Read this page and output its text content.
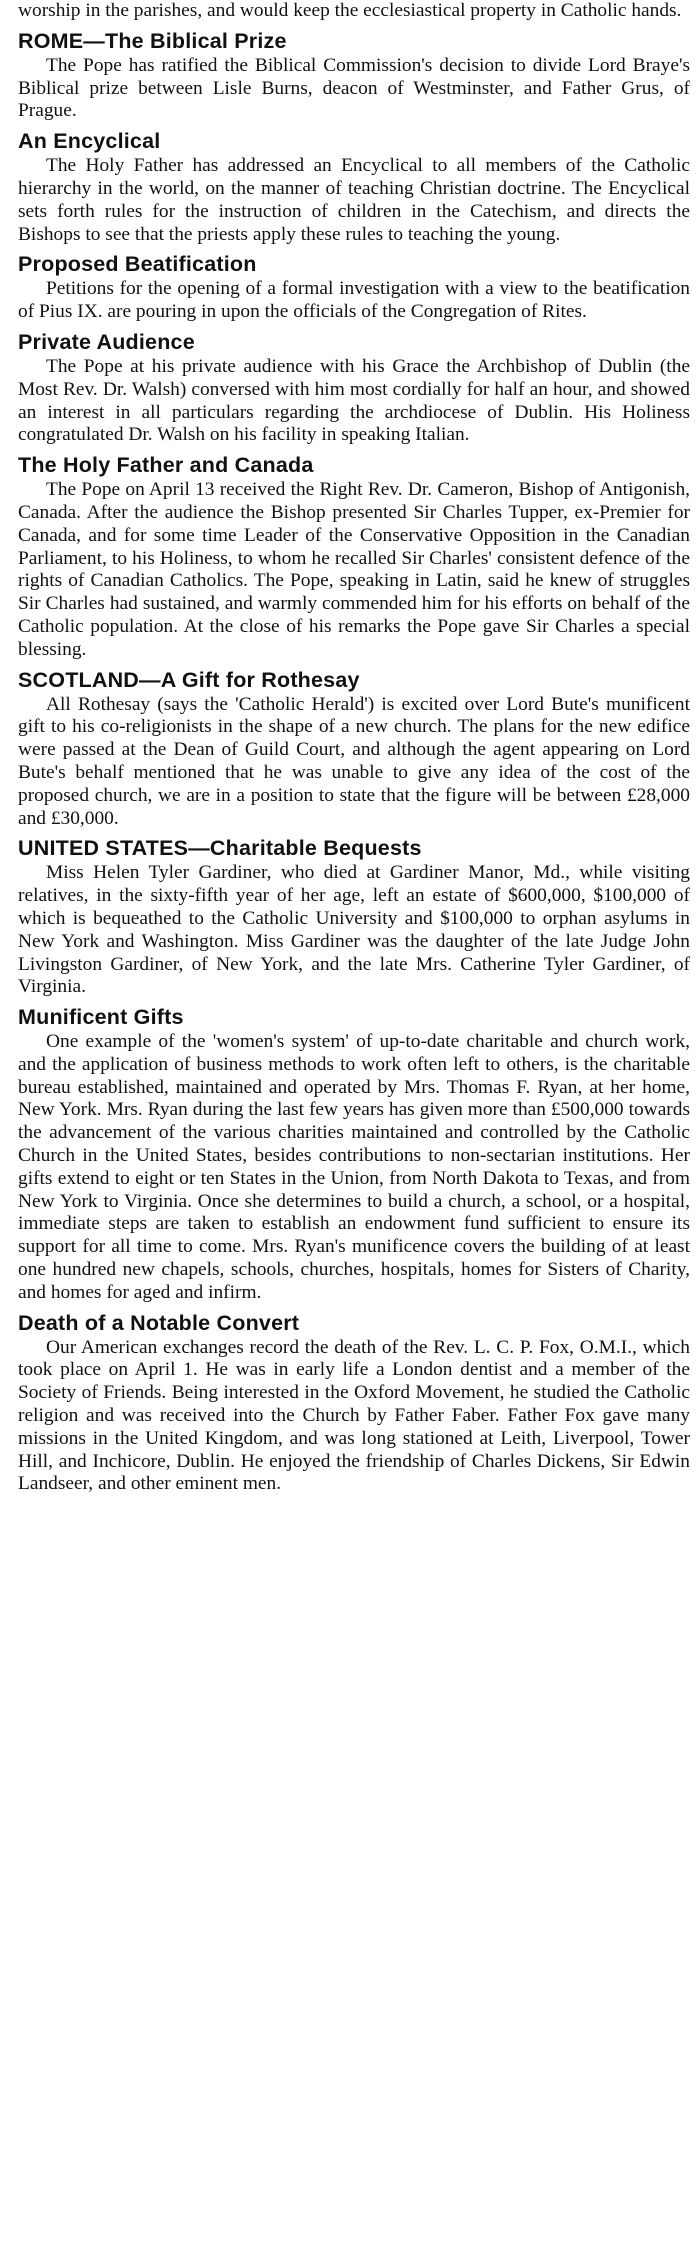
worship in the parishes, and would keep the ecclesiastical property in Catholic hands.

ROME—The Biblical Prize

The Pope has ratified the Biblical Commission's decision to divide Lord Braye's Biblical prize between Lisle Burns, deacon of Westminster, and Father Grus, of Prague.

An Encyclical

The Holy Father has addressed an Encyclical to all members of the Catholic hierarchy in the world, on the manner of teaching Christian doctrine. The Encyclical sets forth rules for the instruction of children in the Catechism, and directs the Bishops to see that the priests apply these rules to teaching the young.

Proposed Beatification

Petitions for the opening of a formal investigation with a view to the beatification of Pius IX. are pouring in upon the officials of the Congregation of Rites.

Private Audience

The Pope at his private audience with his Grace the Archbishop of Dublin (the Most Rev. Dr. Walsh) conversed with him most cordially for half an hour, and showed an interest in all particulars regarding the archdiocese of Dublin. His Holiness congratulated Dr. Walsh on his facility in speaking Italian.

The Holy Father and Canada

The Pope on April 13 received the Right Rev. Dr. Cameron, Bishop of Antigonish, Canada. After the audience the Bishop presented Sir Charles Tupper, ex-Premier for Canada, and for some time Leader of the Conservative Opposition in the Canadian Parliament, to his Holiness, to whom he recalled Sir Charles' consistent defence of the rights of Canadian Catholics. The Pope, speaking in Latin, said he knew of struggles Sir Charles had sustained, and warmly commended him for his efforts on behalf of the Catholic population. At the close of his remarks the Pope gave Sir Charles a special blessing.

SCOTLAND—A Gift for Rothesay

All Rothesay (says the 'Catholic Herald') is excited over Lord Bute's munificent gift to his co-religionists in the shape of a new church. The plans for the new edifice were passed at the Dean of Guild Court, and although the agent appearing on Lord Bute's behalf mentioned that he was unable to give any idea of the cost of the proposed church, we are in a position to state that the figure will be between £28,000 and £30,000.

UNITED STATES—Charitable Bequests

Miss Helen Tyler Gardiner, who died at Gardiner Manor, Md., while visiting relatives, in the sixty-fifth year of her age, left an estate of $600,000, $100,000 of which is bequeathed to the Catholic University and $100,000 to orphan asylums in New York and Washington. Miss Gardiner was the daughter of the late Judge John Livingston Gardiner, of New York, and the late Mrs. Catherine Tyler Gardiner, of Virginia.

Munificent Gifts

One example of the 'women's system' of up-to-date charitable and church work, and the application of business methods to work often left to others, is the charitable bureau established, maintained and operated by Mrs. Thomas F. Ryan, at her home, New York. Mrs. Ryan during the last few years has given more than £500,000 towards the advancement of the various charities maintained and controlled by the Catholic Church in the United States, besides contributions to non-sectarian institutions. Her gifts extend to eight or ten States in the Union, from North Dakota to Texas, and from New York to Virginia. Once she determines to build a church, a school, or a hospital, immediate steps are taken to establish an endowment fund sufficient to ensure its support for all time to come. Mrs. Ryan's munificence covers the building of at least one hundred new chapels, schools, churches, hospitals, homes for Sisters of Charity, and homes for aged and infirm.

Death of a Notable Convert

Our American exchanges record the death of the Rev. L. C. P. Fox, O.M.I., which took place on April 1. He was in early life a London dentist and a member of the Society of Friends. Being interested in the Oxford Movement, he studied the Catholic religion and was received into the Church by Father Faber. Father Fox gave many missions in the United Kingdom, and was long stationed at Leith, Liverpool, Tower Hill, and Inchicore, Dublin. He enjoyed the friendship of Charles Dickens, Sir Edwin Landseer, and other eminent men.
